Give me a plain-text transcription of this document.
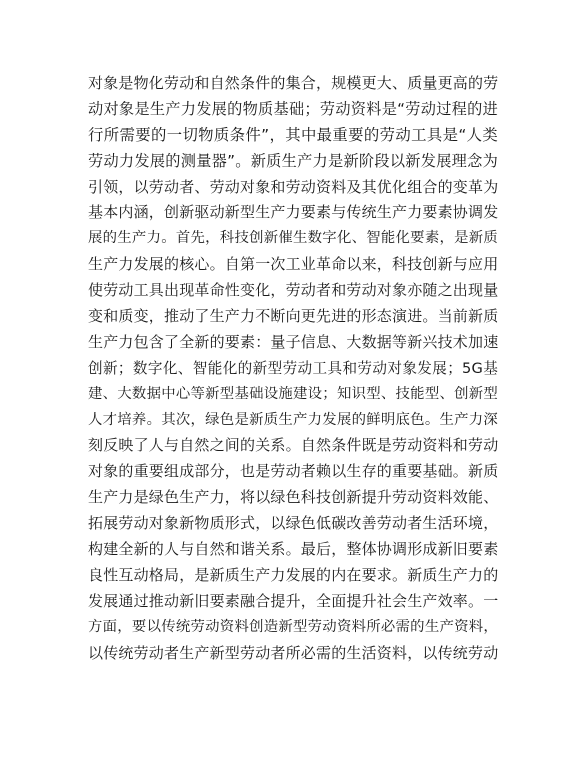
对象是物化劳动和自然条件的集合，规模更大、质量更高的劳
动对象是生产力发展的物质基础；劳动资料是“劳动过程的进
行所需要的一切物质条件”，其中最重要的劳动工具是“人类
劳动力发展的测量器”。新质生产力是新阶段以新发展理念为
引领，以劳动者、劳动对象和劳动资料及其优化组合的变革为
基本内涵，创新驱动新型生产力要素与传统生产力要素协调发
展的生产力。首先，科技创新催生数字化、智能化要素，是新质
生产力发展的核心。自第一次工业革命以来，科技创新与应用
使劳动工具出现革命性变化，劳动者和劳动对象亦随之出现量
变和质变，推动了生产力不断向更先进的形态演进。当前新质
生产力包含了全新的要素：量子信息、大数据等新兴技术加速
创新；数字化、智能化的新型劳动工具和劳动对象发展；5G基
建、大数据中心等新型基础设施建设；知识型、技能型、创新型
人才培养。其次，绿色是新质生产力发展的鲜明底色。生产力深
刻反映了人与自然之间的关系。自然条件既是劳动资料和劳动
对象的重要组成部分，也是劳动者赖以生存的重要基础。新质
生产力是绿色生产力，将以绿色科技创新提升劳动资料效能、
拓展劳动对象新物质形式，以绿色低碳改善劳动者生活环境，
构建全新的人与自然和谐关系。最后，整体协调形成新旧要素
良性互动格局，是新质生产力发展的内在要求。新质生产力的
发展通过推动新旧要素融合提升，全面提升社会生产效率。一
方面，要以传统劳动资料创造新型劳动资料所必需的生产资料，
以传统劳动者生产新型劳动者所必需的生活资料，以传统劳动
